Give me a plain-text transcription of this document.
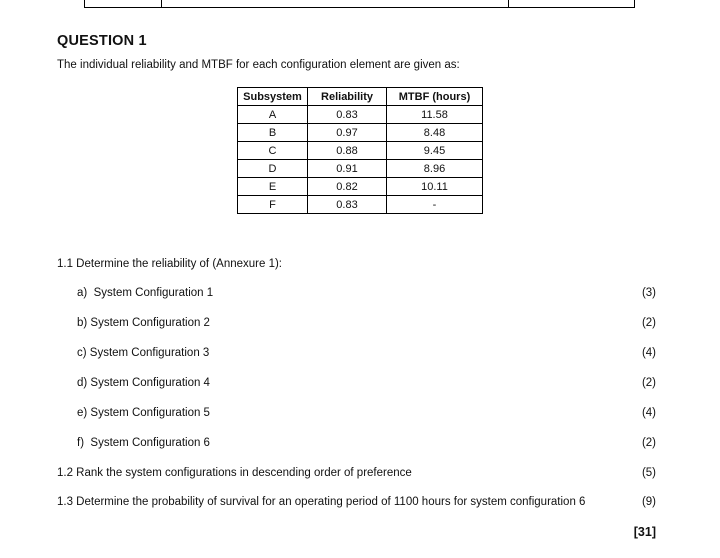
QUESTION 1
The individual reliability and MTBF for each configuration element are given as:
Subsystem	Reliability	MTBF (hours)
A	0.83	11.58
B	0.97	8.48
C	0.88	9.45
D	0.91	8.96
E	0.82	10.11
F	0.83	-
1.1 Determine the reliability of (Annexure 1):
a)  System Configuration 1	(3)
b) System Configuration 2	(2)
c) System Configuration 3	(4)
d) System Configuration 4	(2)
e) System Configuration 5	(4)
f)  System Configuration 6	(2)
1.2 Rank the system configurations in descending order of preference	(5)
1.3 Determine the probability of survival for an operating period of 1100 hours for system configuration 6	(9)
[31]
